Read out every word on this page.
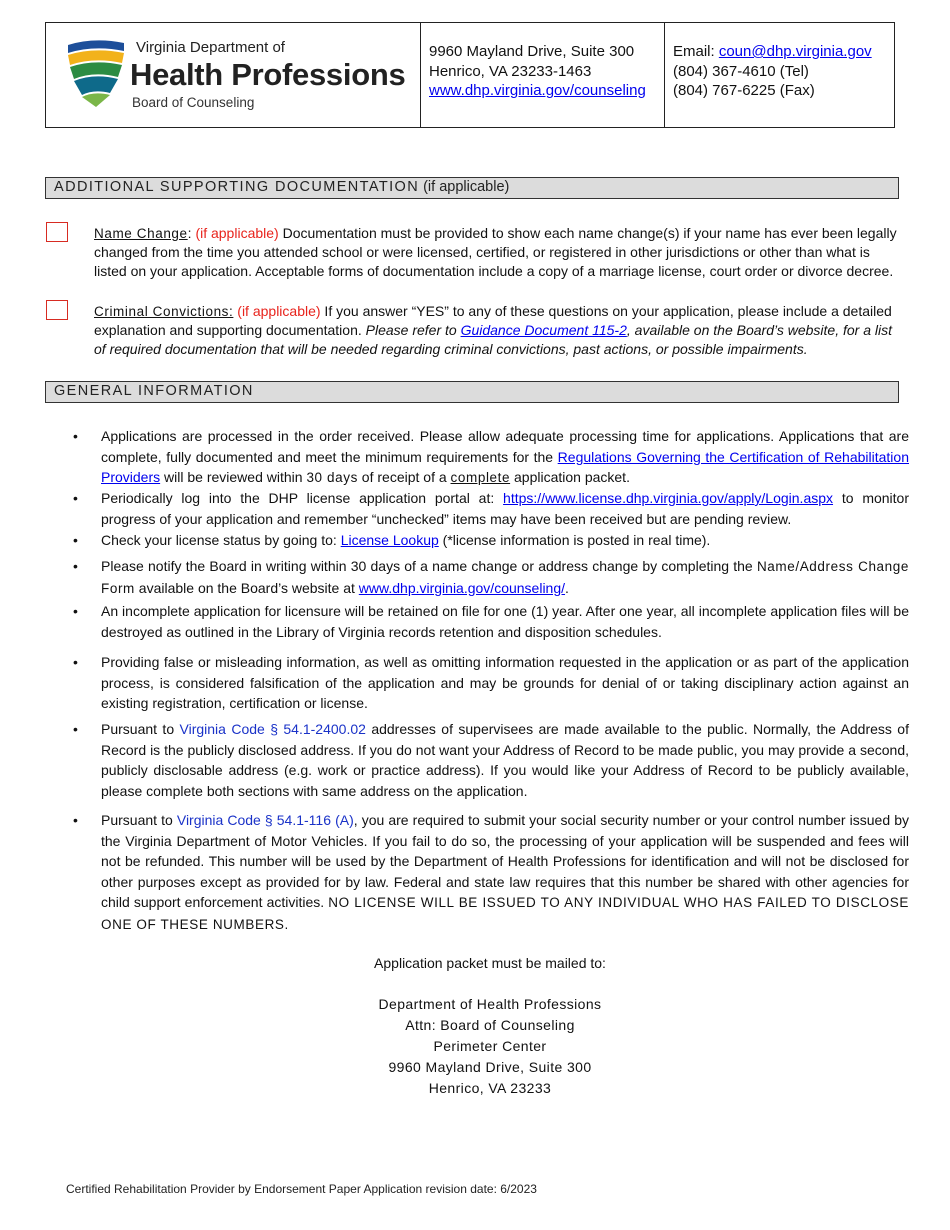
Virginia Department of
Health Professions
Board of Counseling
9960 Mayland Drive, Suite 300
Henrico, VA 23233-1463
www.dhp.virginia.gov/counseling
Email: coun@dhp.virginia.gov
(804) 367-4610 (Tel)
(804) 767-6225 (Fax)
ADDITIONAL SUPPORTING DOCUMENTATION (if applicable)
Name Change: (if applicable) Documentation must be provided to show each name change(s) if your name has ever been legally changed from the time you attended school or were licensed, certified, or registered in other jurisdictions or other than what is listed on your application. Acceptable forms of documentation include a copy of a marriage license, court order or divorce decree.
Criminal Convictions: (if applicable) If you answer “YES” to any of these questions on your application, please include a detailed explanation and supporting documentation. Please refer to Guidance Document 115-2, available on the Board’s website, for a list of required documentation that will be needed regarding criminal convictions, past actions, or possible impairments.
GENERAL INFORMATION
• Applications are processed in the order received. Please allow adequate processing time for applications. Applications that are complete, fully documented and meet the minimum requirements for the Regulations Governing the Certification of Rehabilitation Providers will be reviewed within 30 days of receipt of a complete application packet.
• Periodically log into the DHP license application portal at: https://www.license.dhp.virginia.gov/apply/Login.aspx to monitor progress of your application and remember “unchecked” items may have been received but are pending review.
• Check your license status by going to: License Lookup (*license information is posted in real time).
• Please notify the Board in writing within 30 days of a name change or address change by completing the Name/Address Change Form available on the Board’s website at www.dhp.virginia.gov/counseling/.
• An incomplete application for licensure will be retained on file for one (1) year. After one year, all incomplete application files will be destroyed as outlined in the Library of Virginia records retention and disposition schedules.
• Providing false or misleading information, as well as omitting information requested in the application or as part of the application process, is considered falsification of the application and may be grounds for denial of or taking disciplinary action against an existing registration, certification or license.
• Pursuant to Virginia Code § 54.1-2400.02 addresses of supervisees are made available to the public. Normally, the Address of Record is the publicly disclosed address. If you do not want your Address of Record to be made public, you may provide a second, publicly disclosable address (e.g. work or practice address). If you would like your Address of Record to be publicly available, please complete both sections with same address on the application.
• Pursuant to Virginia Code § 54.1-116 (A), you are required to submit your social security number or your control number issued by the Virginia Department of Motor Vehicles. If you fail to do so, the processing of your application will be suspended and fees will not be refunded. This number will be used by the Department of Health Professions for identification and will not be disclosed for other purposes except as provided for by law. Federal and state law requires that this number be shared with other agencies for child support enforcement activities. NO LICENSE WILL BE ISSUED TO ANY INDIVIDUAL WHO HAS FAILED TO DISCLOSE ONE OF THESE NUMBERS.
Application packet must be mailed to:
Department of Health Professions
Attn: Board of Counseling
Perimeter Center
9960 Mayland Drive, Suite 300
Henrico, VA 23233
Certified Rehabilitation Provider by Endorsement Paper Application revision date: 6/2023
